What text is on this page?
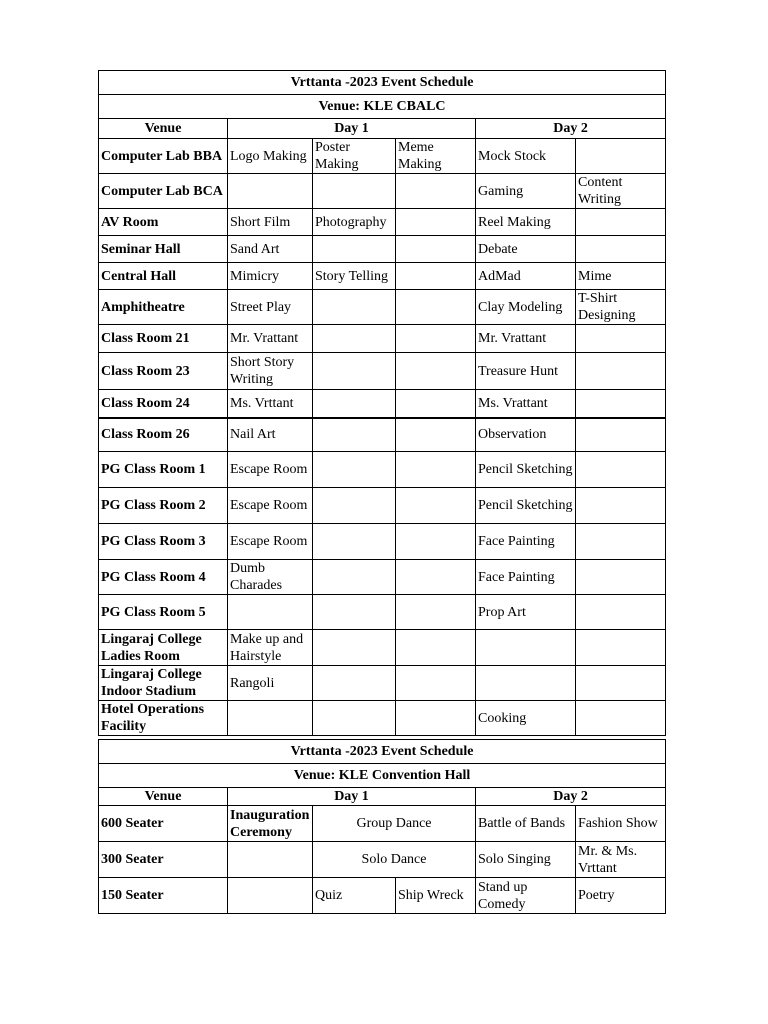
Vrttanta -2023 Event Schedule					
Venue: KLE CBALC					
Venue	Day 1			Day 2	
Computer Lab BBA	Logo Making	Poster Making	Meme Making	Mock Stock	
Computer Lab BCA				Gaming	Content Writing
AV Room	Short Film	Photography		Reel Making	
Seminar Hall	Sand Art			Debate	
Central Hall	Mimicry	Story Telling		AdMad	Mime
Amphitheatre	Street Play			Clay Modeling	T-Shirt Designing
Class Room 21	Mr. Vrattant			Mr. Vrattant	
Class Room 23	Short Story Writing			Treasure Hunt	
Class Room 24	Ms. Vrttant			Ms. Vrattant	
Class Room 26	Nail Art			Observation	
PG Class Room 1	Escape Room			Pencil Sketching	
PG Class Room 2	Escape Room			Pencil Sketching	
PG Class Room 3	Escape Room			Face Painting	
PG Class Room 4	Dumb Charades			Face Painting	
PG Class Room 5				Prop Art	
Lingaraj College Ladies Room	Make up and Hairstyle				
Lingaraj College Indoor Stadium	Rangoli				
Hotel Operations Facility				Cooking	
Vrttanta -2023 Event Schedule					
Venue: KLE Convention Hall					
Venue	Day 1			Day 2	
600 Seater	Inauguration Ceremony	Group Dance		Battle of Bands	Fashion Show
300 Seater		Solo Dance		Solo Singing	Mr. & Ms. Vrttant
150 Seater		Quiz	Ship Wreck	Stand up Comedy	Poetry
